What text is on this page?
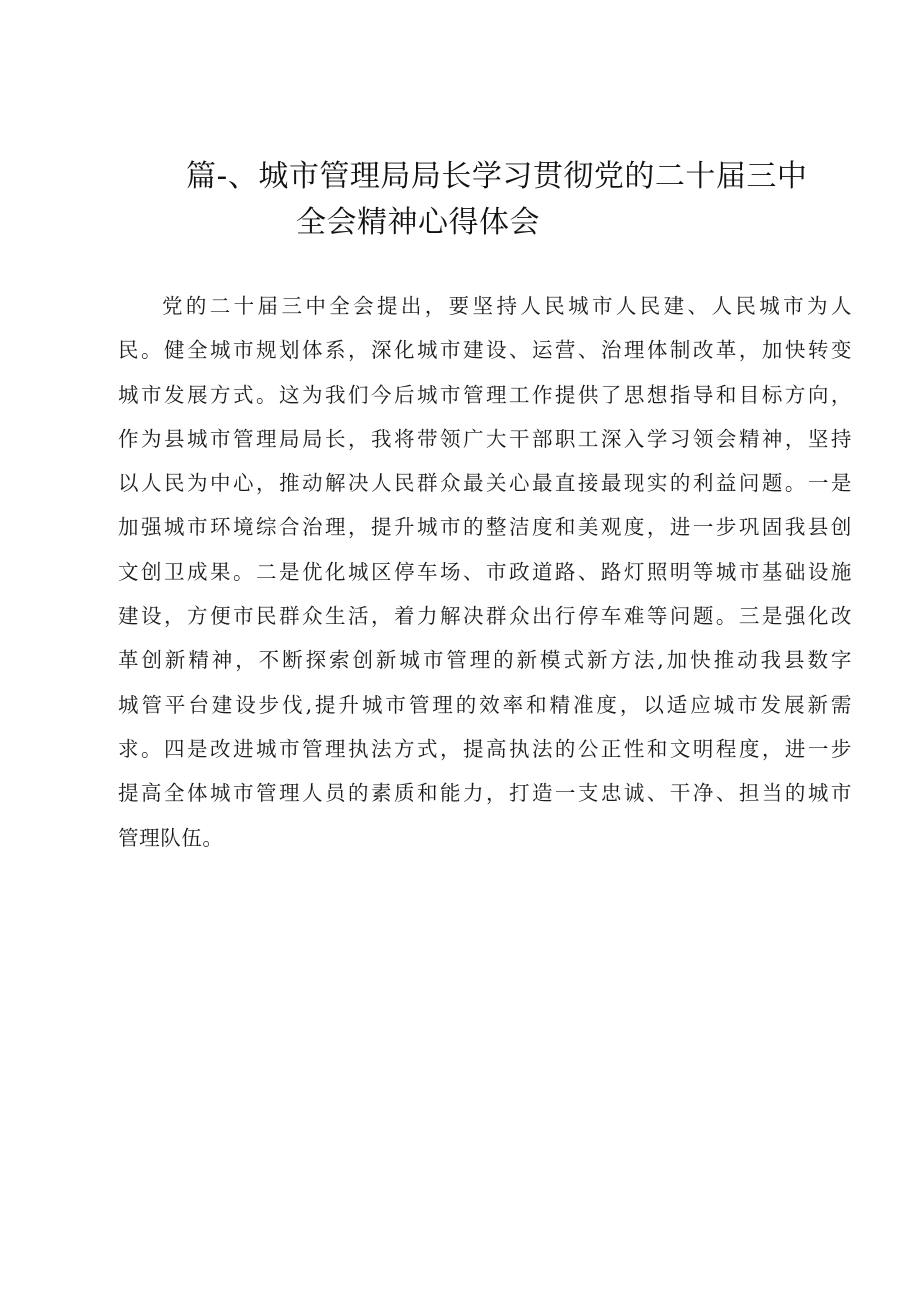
篇-、城市管理局局长学习贯彻党的二十届三中
全会精神心得体会
党的二十届三中全会提出，要坚持人民城市人民建、人民城市为人
民。健全城市规划体系，深化城市建设、运营、治理体制改革，加快转变
城市发展方式。这为我们今后城市管理工作提供了思想指导和目标方向，
作为县城市管理局局长，我将带领广大干部职工深入学习领会精神，坚持
以人民为中心，推动解决人民群众最关心最直接最现实的利益问题。一是
加强城市环境综合治理，提升城市的整洁度和美观度，进一步巩固我县创
文创卫成果。二是优化城区停车场、市政道路、路灯照明等城市基础设施
建设，方便市民群众生活，着力解决群众出行停车难等问题。三是强化改
革创新精神，不断探索创新城市管理的新模式新方法,加快推动我县数字
城管平台建设步伐,提升城市管理的效率和精准度，以适应城市发展新需
求。四是改进城市管理执法方式，提高执法的公正性和文明程度，进一步
提高全体城市管理人员的素质和能力，打造一支忠诚、干净、担当的城市
管理队伍。
